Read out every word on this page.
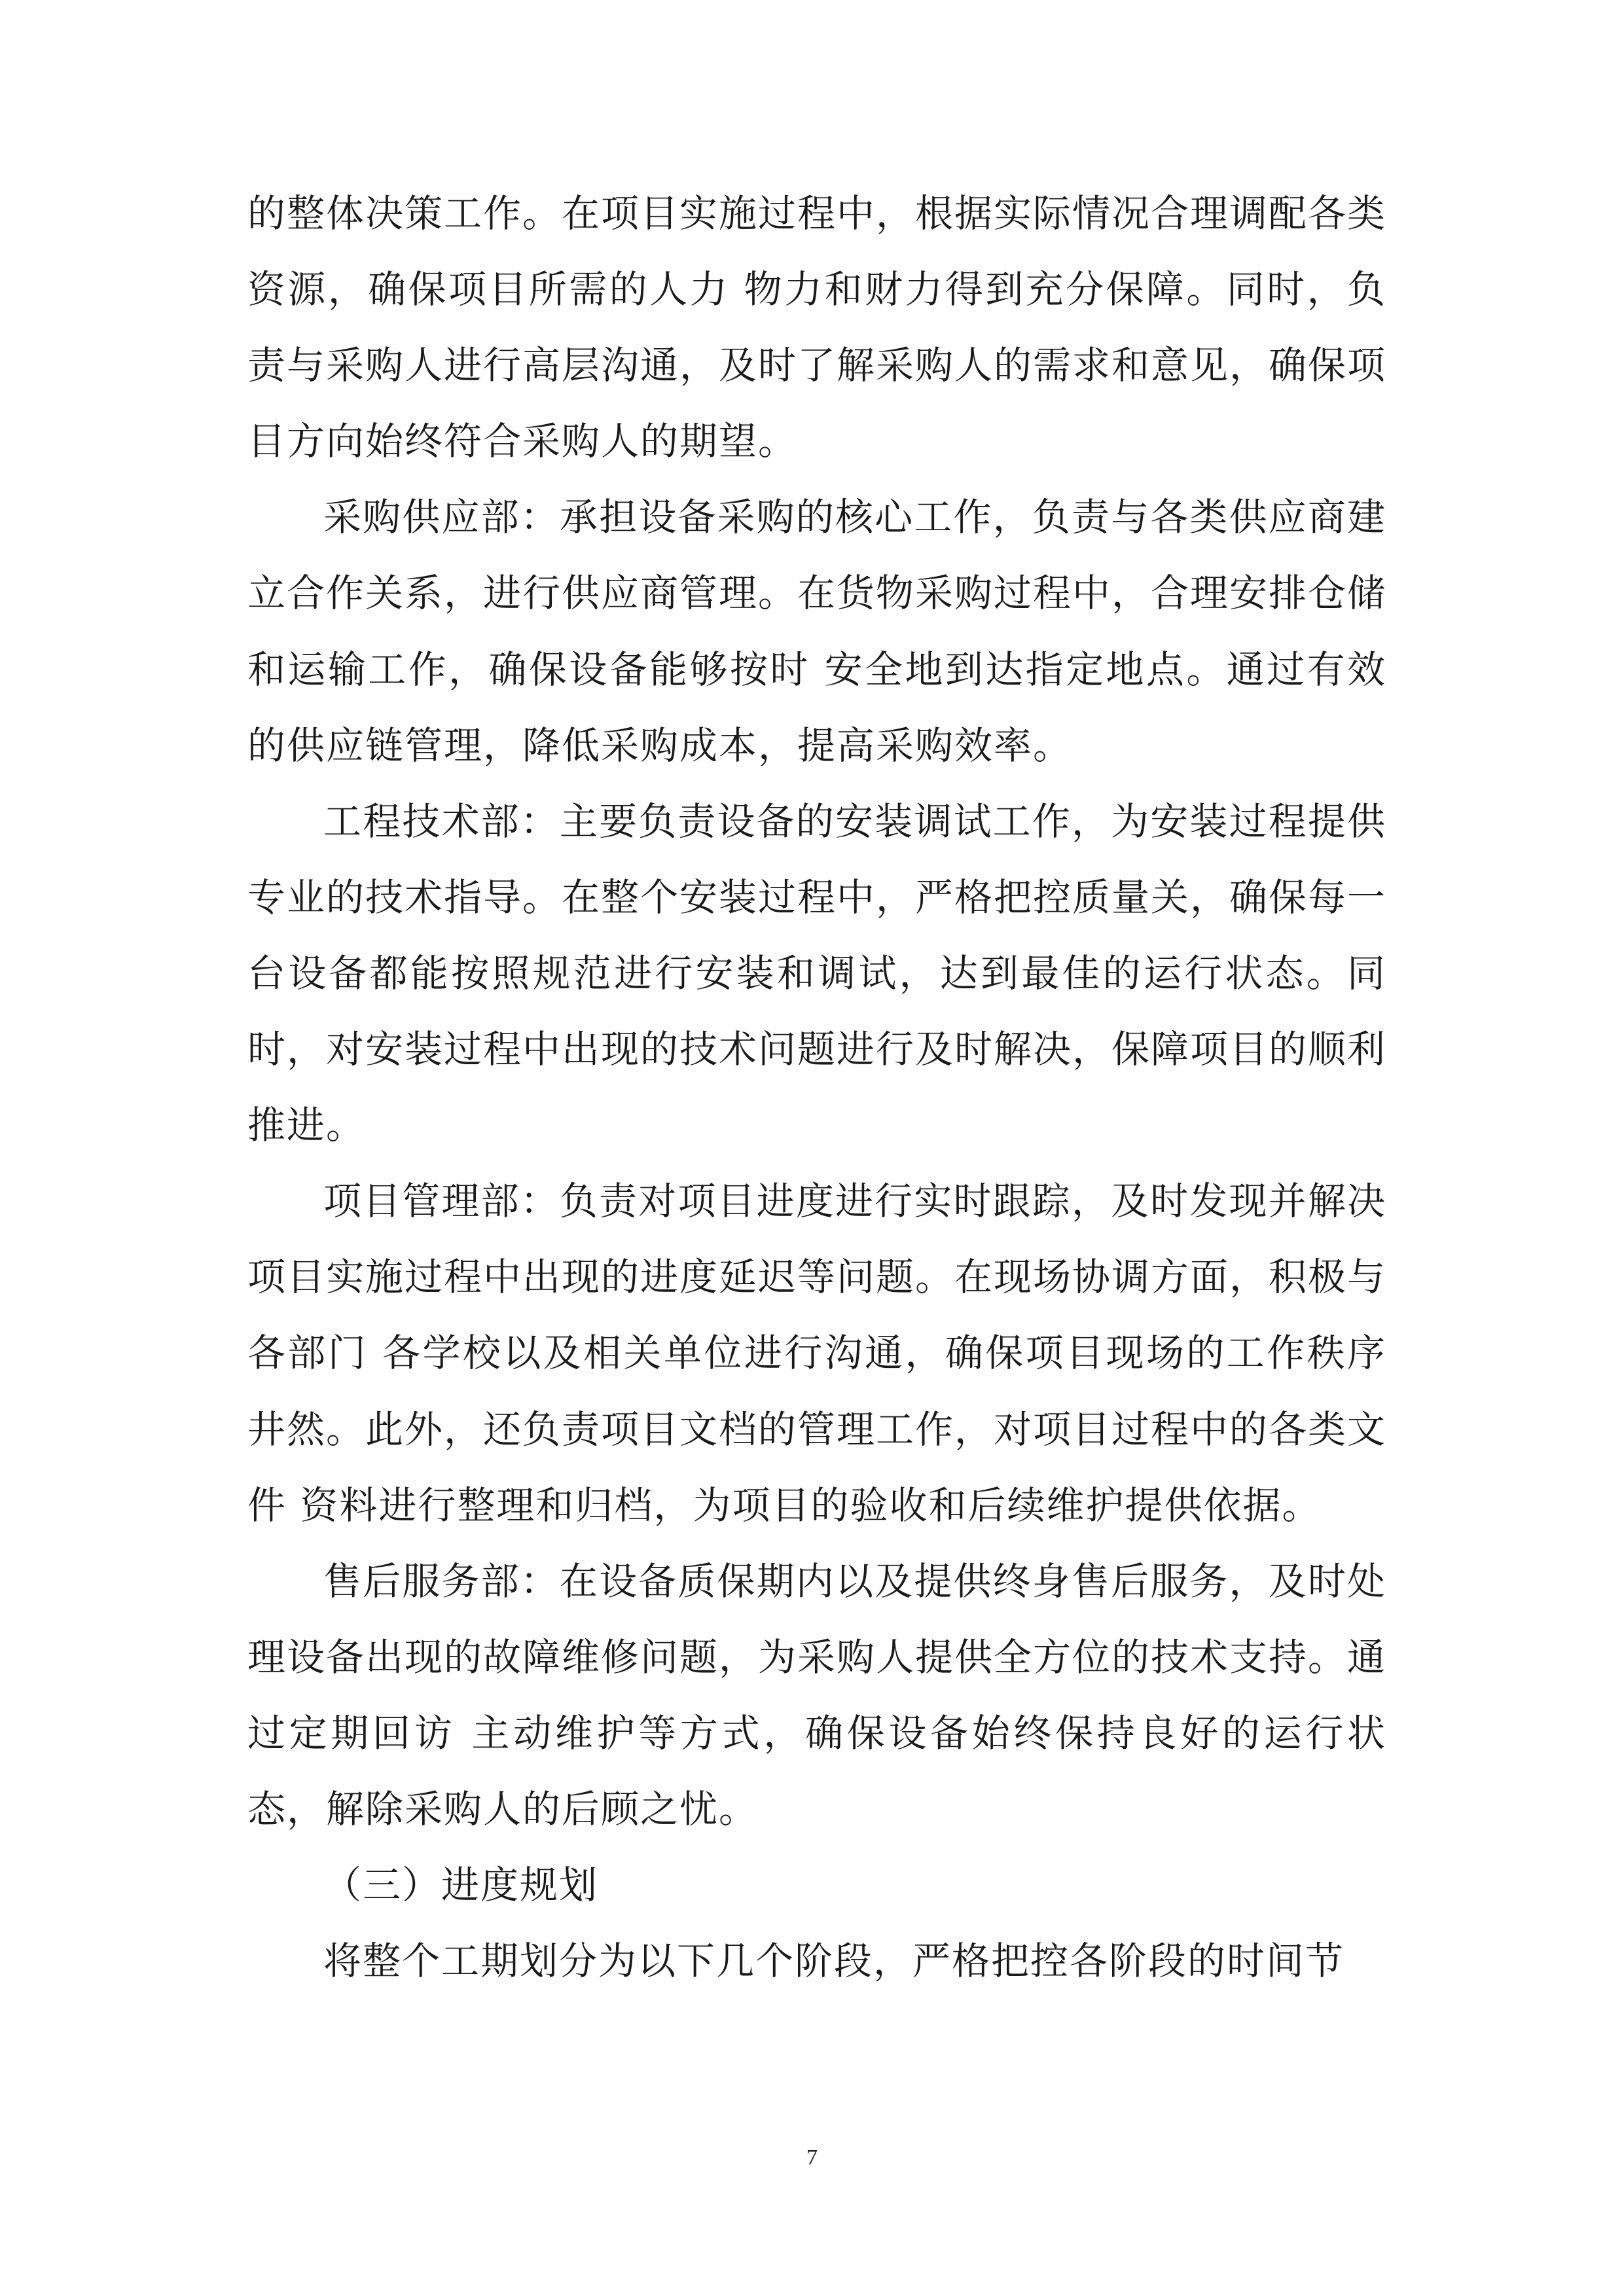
的整体决策工作。在项目实施过程中，根据实际情况合理调配各类资源，确保项目所需的人力 物力和财力得到充分保障。同时，负责与采购人进行高层沟通，及时了解采购人的需求和意见，确保项目方向始终符合采购人的期望。

采购供应部：承担设备采购的核心工作，负责与各类供应商建立合作关系，进行供应商管理。在货物采购过程中，合理安排仓储和运输工作，确保设备能够按时 安全地到达指定地点。通过有效的供应链管理，降低采购成本，提高采购效率。

工程技术部：主要负责设备的安装调试工作，为安装过程提供专业的技术指导。在整个安装过程中，严格把控质量关，确保每一台设备都能按照规范进行安装和调试，达到最佳的运行状态。同时，对安装过程中出现的技术问题进行及时解决，保障项目的顺利推进。

项目管理部：负责对项目进度进行实时跟踪，及时发现并解决项目实施过程中出现的进度延迟等问题。在现场协调方面，积极与各部门 各学校以及相关单位进行沟通，确保项目现场的工作秩序井然。此外，还负责项目文档的管理工作，对项目过程中的各类文件 资料进行整理和归档，为项目的验收和后续维护提供依据。

售后服务部：在设备质保期内以及提供终身售后服务，及时处理设备出现的故障维修问题，为采购人提供全方位的技术支持。通过定期回访 主动维护等方式，确保设备始终保持良好的运行状态，解除采购人的后顾之忧。

（三）进度规划

将整个工期划分为以下几个阶段，严格把控各阶段的时间节

7
